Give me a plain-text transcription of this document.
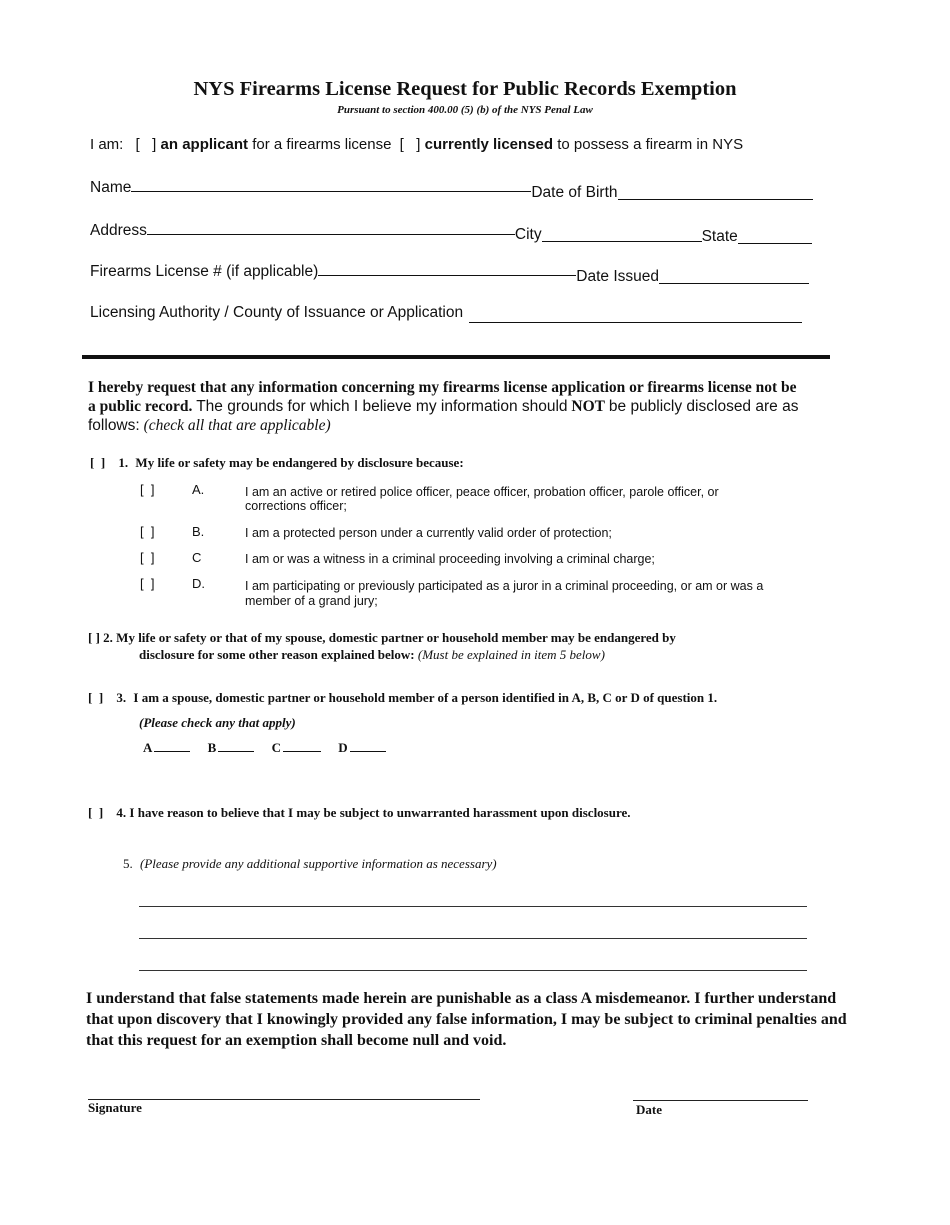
NYS Firearms License Request for Public Records Exemption
Pursuant to section 400.00 (5) (b) of the NYS Penal Law
I am: [   ] an applicant for a firearms license [   ] currently licensed to possess a firearm in NYS
Name	Date of Birth
Address	City	State
Firearms License # (if applicable)	Date Issued
Licensing Authority / County of Issuance or Application
I hereby request that any information concerning my firearms license application or firearms license not be a public record. The grounds for which I believe my information should NOT be publicly disclosed are as follows: (check all that are applicable)
[  ] 1. My life or safety may be endangered by disclosure because:
[  ]	A.	I am an active or retired police officer, peace officer, probation officer, parole officer, or
corrections officer;
[  ]	B.	I am a protected person under a currently valid order of protection;
[  ]	C	I am or was a witness in a criminal proceeding involving a criminal charge;
[  ]	D.	I am participating or previously participated as a juror in a criminal proceeding, or am or was a
member of a grand jury;
[ ] 2. My life or safety or that of my spouse, domestic partner or household member may be endangered by
disclosure for some other reason explained below: (Must be explained in item 5 below)
[  ] 3. I am a spouse, domestic partner or household member of a person identified in A, B, C or D of question 1.
(Please check any that apply)
A	B	C	D
[  ] 4. I have reason to believe that I may be subject to unwarranted harassment upon disclosure.
5. (Please provide any additional supportive information as necessary)
I understand that false statements made herein are punishable as a class A misdemeanor. I further understand that upon discovery that I knowingly provided any false information, I may be subject to criminal penalties and that this request for an exemption shall become null and void.
Signature	Date
